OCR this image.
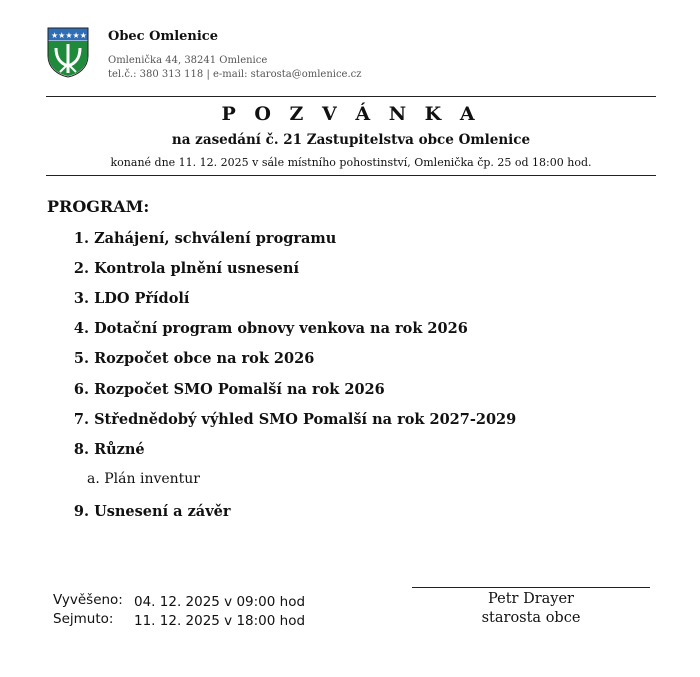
★★★★★ Obec Omlenice
Omlenička 44, 38241 Omlenice
tel.č.: 380 313 118 | e-mail: starosta@omlenice.cz
P O Z V Á N K A
na zasedání č. 21 Zastupitelstva obce Omlenice
konané dne 11. 12. 2025 v sále místního pohostinství, Omlenička čp. 25 od 18:00 hod.
PROGRAM:
1. Zahájení, schválení programu
2. Kontrola plnění usnesení
3. LDO Přídolí
4. Dotační program obnovy venkova na rok 2026
5. Rozpočet obce na rok 2026
6. Rozpočet SMO Pomalší na rok 2026
7. Střednědobý výhled SMO Pomalší na rok 2027-2029
8. Různé
a. Plán inventur
9. Usnesení a závěr
Vyvěšeno:
Sejmuto:
04. 12. 2025 v 09:00 hod
11. 12. 2025 v 18:00 hod
Petr Drayer
starosta obce
